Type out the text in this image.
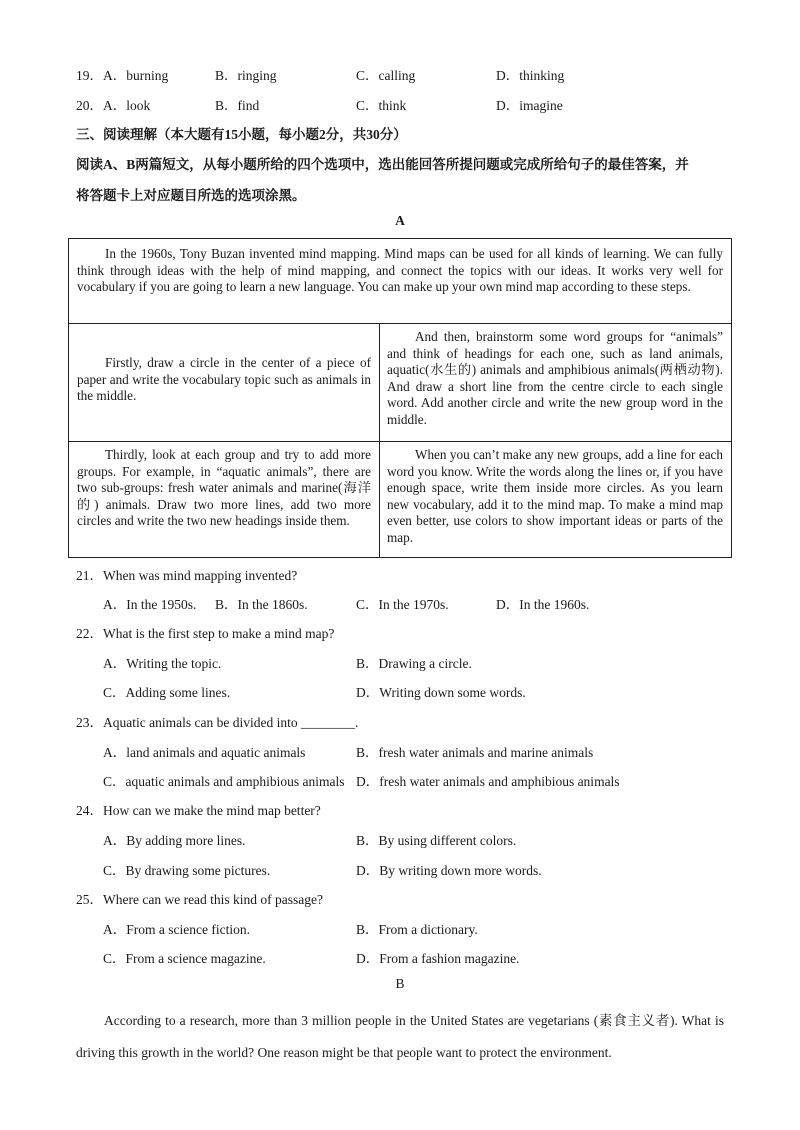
19． A．burning	B．ringing	C．calling	D．thinking
20． A．look	B．find	C．think	D．imagine
三、阅读理解（本大题有15小题，每小题2分，共30分）
阅读A、B两篇短文，从每小题所给的四个选项中，选出能回答所提问题或完成所给句子的最佳答案，并
将答题卡上对应题目所选的选项涂黑。
A
In the 1960s, Tony Buzan invented mind mapping. Mind maps can be used for all kinds of learning. We can fully think through ideas with the help of mind mapping, and connect the topics with our ideas. It works very well for vocabulary if you are going to learn a new language. You can make up your own mind map according to these steps.
Firstly, draw a circle in the center of a piece of paper and write the vocabulary topic such as animals in the middle.
And then, brainstorm some word groups for “animals” and think of headings for each one, such as land animals, aquatic(水生的) animals and amphibious animals(两栖动物). And draw a short line from the centre circle to each single word. Add another circle and write the new group word in the middle.
Thirdly, look at each group and try to add more groups. For example, in “aquatic animals”, there are two sub-groups: fresh water animals and marine(海洋的) animals. Draw two more lines, add two more circles and write the two new headings inside them.
When you can’t make any new groups, add a line for each word you know. Write the words along the lines or, if you have enough space, write them inside more circles. As you learn new vocabulary, add it to the mind map. To make a mind map even better, use colors to show important ideas or parts of the map.
21．When was mind mapping invented?
A．In the 1950s. B．In the 1860s.	C．In the 1970s.	D．In the 1960s.
22．What is the first step to make a mind map?
A．Writing the topic.	B．Drawing a circle.
C．Adding some lines.	D．Writing down some words.
23．Aquatic animals can be divided into ________.
A．land animals and aquatic animals	B．fresh water animals and marine animals
C．aquatic animals and amphibious animals D．fresh water animals and amphibious animals
24．How can we make the mind map better?
A．By adding more lines.	B．By using different colors.
C．By drawing some pictures.	D．By writing down more words.
25．Where can we read this kind of passage?
A．From a science fiction.	B．From a dictionary.
C．From a science magazine.	D．From a fashion magazine.
B
According to a research, more than 3 million people in the United States are vegetarians (素食主义者). What is driving this growth in the world? One reason might be that people want to protect the environment.
